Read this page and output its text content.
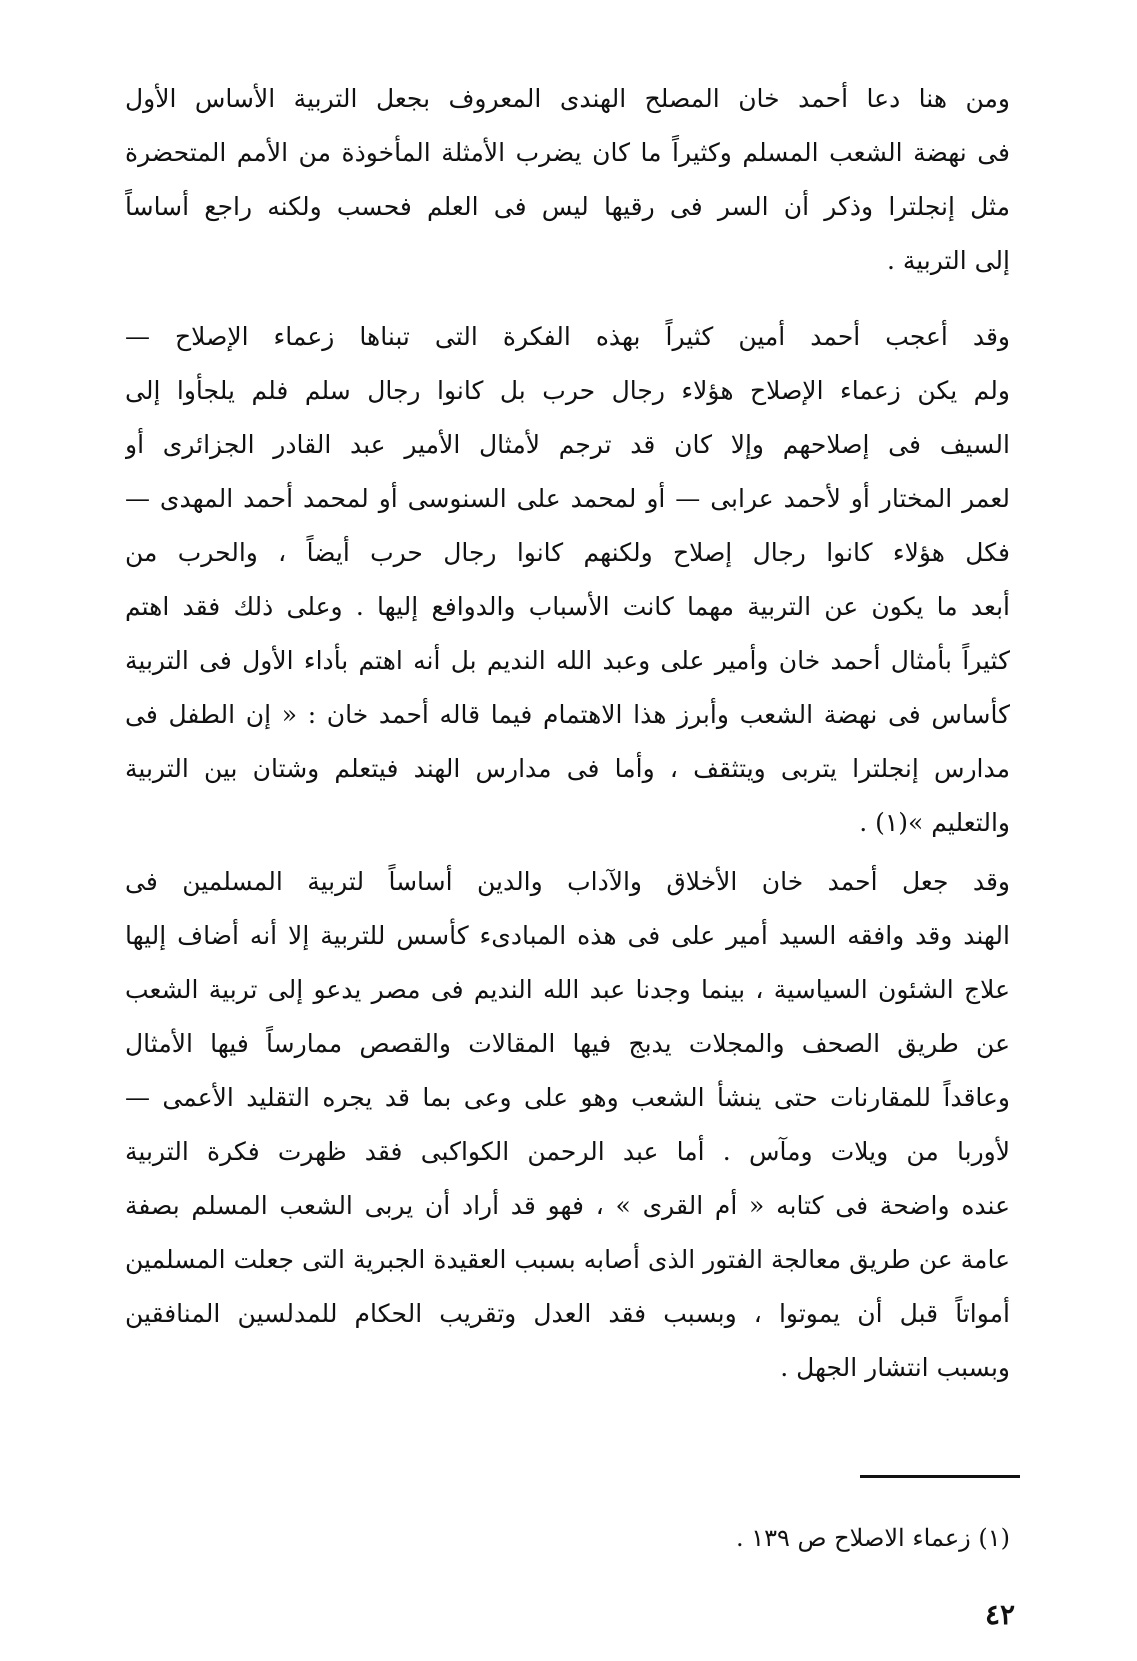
ومن هنا دعا أحمد خان المصلح الهندى المعروف بجعل التربية الأساس الأول
فى نهضة الشعب المسلم وكثيراً ما كان يضرب الأمثلة المأخوذة من الأمم المتحضرة
مثل إنجلترا وذكر أن السر فى رقيها ليس فى العلم فحسب ولكنه راجع أساساً
إلى التربية .
وقد أعجب أحمد أمين كثيراً بهذه الفكرة التى تبناها زعماء الإصلاح —
ولم يكن زعماء الإصلاح هؤلاء رجال حرب بل كانوا رجال سلم فلم يلجأوا إلى
السيف فى إصلاحهم وإلا كان قد ترجم لأمثال الأمير عبد القادر الجزائرى أو
لعمر المختار أو لأحمد عرابى — أو لمحمد على السنوسى أو لمحمد أحمد المهدى —
فكل هؤلاء كانوا رجال إصلاح ولكنهم كانوا رجال حرب أيضاً ، والحرب من
أبعد ما يكون عن التربية مهما كانت الأسباب والدوافع إليها . وعلى ذلك فقد اهتم
كثيراً بأمثال أحمد خان وأمير على وعبد الله النديم بل أنه اهتم بأداء الأول فى التربية
كأساس فى نهضة الشعب وأبرز هذا الاهتمام فيما قاله أحمد خان : « إن الطفل فى
مدارس إنجلترا يتربى ويتثقف ، وأما فى مدارس الهند فيتعلم وشتان بين التربية
والتعليم »(١) .
وقد جعل أحمد خان الأخلاق والآداب والدين أساساً لتربية المسلمين فى
الهند وقد وافقه السيد أمير على فى هذه المبادىء كأسس للتربية إلا أنه أضاف إليها
علاج الشئون السياسية ، بينما وجدنا عبد الله النديم فى مصر يدعو إلى تربية الشعب
عن طريق الصحف والمجلات يدبج فيها المقالات والقصص ممارساً فيها الأمثال
وعاقداً للمقارنات حتى ينشأ الشعب وهو على وعى بما قد يجره التقليد الأعمى —
لأوربا من ويلات ومآس . أما عبد الرحمن الكواكبى فقد ظهرت فكرة التربية
عنده واضحة فى كتابه « أم القرى » ، فهو قد أراد أن يربى الشعب المسلم بصفة
عامة عن طريق معالجة الفتور الذى أصابه بسبب العقيدة الجبرية التى جعلت المسلمين
أمواتاً قبل أن يموتوا ، وبسبب فقد العدل وتقريب الحكام للمدلسين المنافقين
وبسبب انتشار الجهل .
(١) زعماء الاصلاح ص ١٣٩ .
٤٢
